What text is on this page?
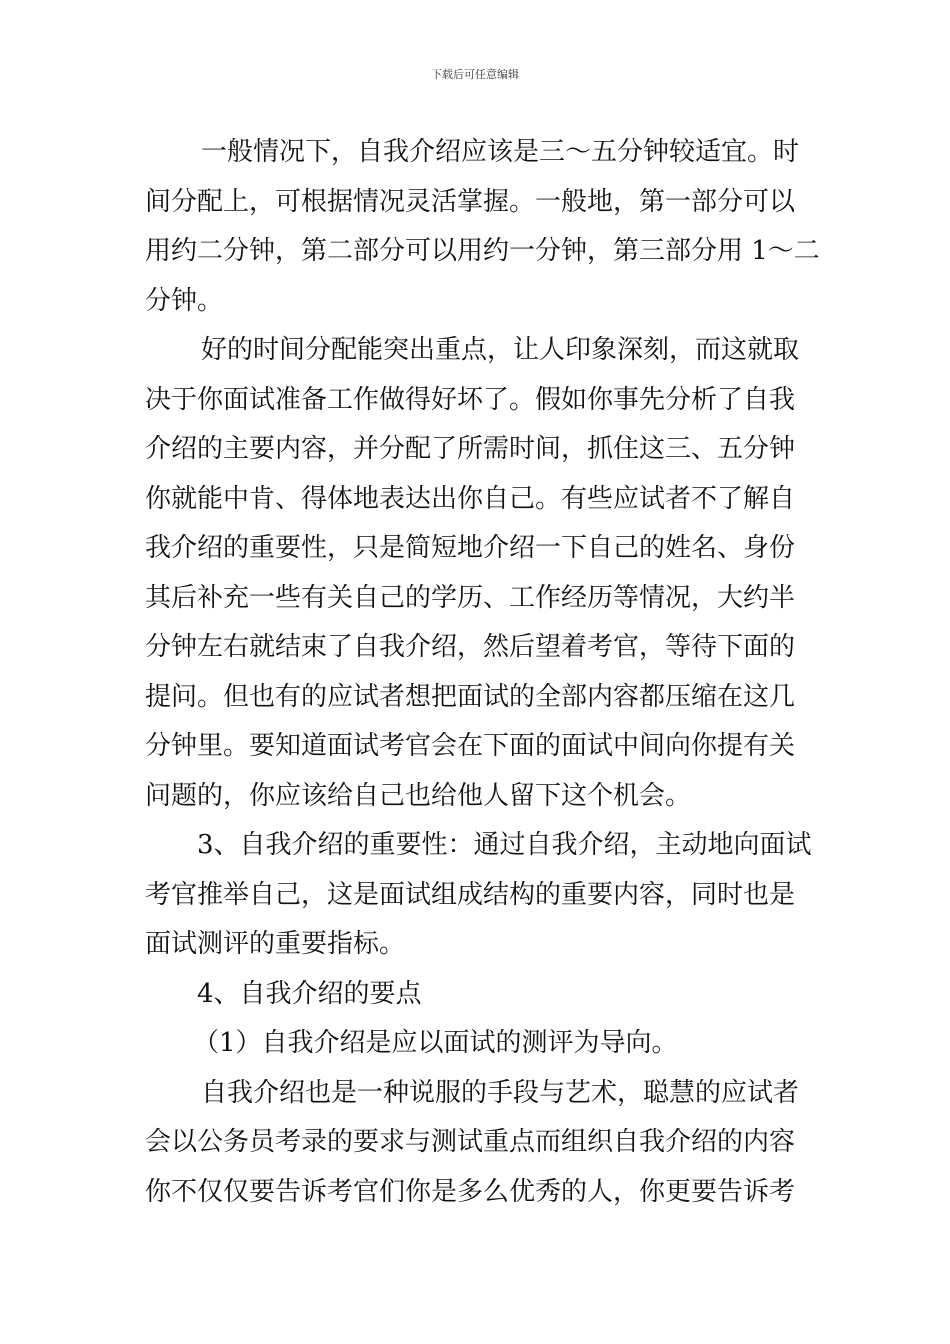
下载后可任意编辑
一般情况下，自我介绍应该是三～五分钟较适宜。时
间分配上，可根据情况灵活掌握。一般地，第一部分可以
用约二分钟，第二部分可以用约一分钟，第三部分用 1～二
分钟。
好的时间分配能突出重点，让人印象深刻，而这就取
决于你面试准备工作做得好坏了。假如你事先分析了自我
介绍的主要内容，并分配了所需时间，抓住这三、五分钟
你就能中肯、得体地表达出你自己。有些应试者不了解自
我介绍的重要性，只是简短地介绍一下自己的姓名、身份
其后补充一些有关自己的学历、工作经历等情况，大约半
分钟左右就结束了自我介绍，然后望着考官，等待下面的
提问。但也有的应试者想把面试的全部内容都压缩在这几
分钟里。要知道面试考官会在下面的面试中间向你提有关
问题的，你应该给自己也给他人留下这个机会。
3、自我介绍的重要性：通过自我介绍，主动地向面试
考官推举自己，这是面试组成结构的重要内容，同时也是
面试测评的重要指标。
4、自我介绍的要点
（1）自我介绍是应以面试的测评为导向。
自我介绍也是一种说服的手段与艺术，聪慧的应试者
会以公务员考录的要求与测试重点而组织自我介绍的内容
你不仅仅要告诉考官们你是多么优秀的人，你更要告诉考
